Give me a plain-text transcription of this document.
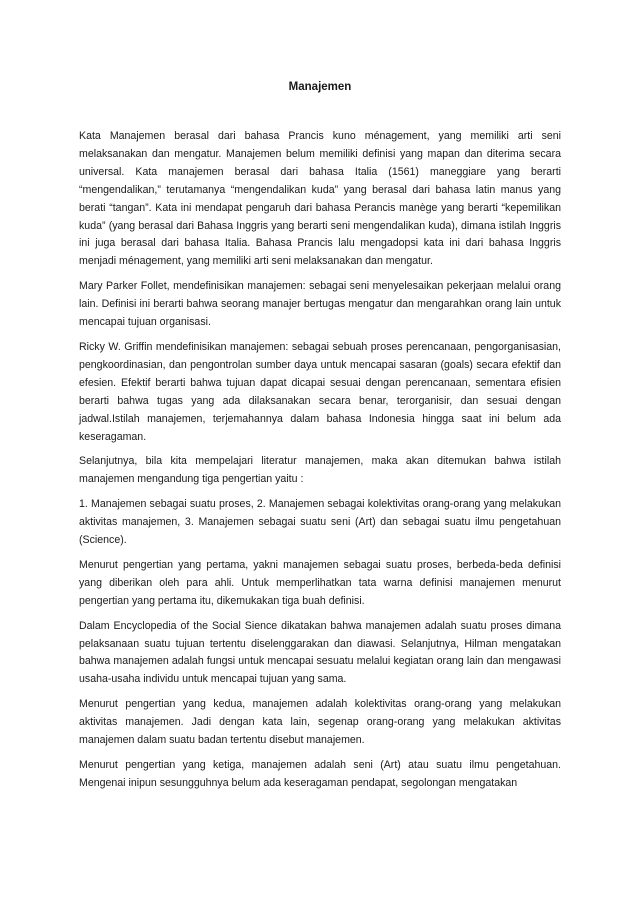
Manajemen

Kata Manajemen berasal dari bahasa Prancis kuno ménagement, yang memiliki arti seni melaksanakan dan mengatur. Manajemen belum memiliki definisi yang mapan dan diterima secara universal. Kata manajemen berasal dari bahasa Italia (1561) maneggiare yang berarti “mengendalikan,” terutamanya “mengendalikan kuda” yang berasal dari bahasa latin manus yang berati “tangan”. Kata ini mendapat pengaruh dari bahasa Perancis manège yang berarti “kepemilikan kuda” (yang berasal dari Bahasa Inggris yang berarti seni mengendalikan kuda), dimana istilah Inggris ini juga berasal dari bahasa Italia. Bahasa Prancis lalu mengadopsi kata ini dari bahasa Inggris menjadi ménagement, yang memiliki arti seni melaksanakan dan mengatur.

Mary Parker Follet, mendefinisikan manajemen: sebagai seni menyelesaikan pekerjaan melalui orang lain. Definisi ini berarti bahwa seorang manajer bertugas mengatur dan mengarahkan orang lain untuk mencapai tujuan organisasi.

Ricky W. Griffin mendefinisikan manajemen: sebagai sebuah proses perencanaan, pengorganisasian, pengkoordinasian, dan pengontrolan sumber daya untuk mencapai sasaran (goals) secara efektif dan efesien. Efektif berarti bahwa tujuan dapat dicapai sesuai dengan perencanaan, sementara efisien berarti bahwa tugas yang ada dilaksanakan secara benar, terorganisir, dan sesuai dengan jadwal.Istilah manajemen, terjemahannya dalam bahasa Indonesia hingga saat ini belum ada keseragaman.

Selanjutnya, bila kita mempelajari literatur manajemen, maka akan ditemukan bahwa istilah manajemen mengandung tiga pengertian yaitu :

1. Manajemen sebagai suatu proses, 2. Manajemen sebagai kolektivitas orang-orang yang melakukan aktivitas manajemen, 3. Manajemen sebagai suatu seni (Art) dan sebagai suatu ilmu pengetahuan (Science).

Menurut pengertian yang pertama, yakni manajemen sebagai suatu proses, berbeda-beda definisi yang diberikan oleh para ahli. Untuk memperlihatkan tata warna definisi manajemen menurut pengertian yang pertama itu, dikemukakan tiga buah definisi.

Dalam Encyclopedia of the Social Sience dikatakan bahwa manajemen adalah suatu proses dimana pelaksanaan suatu tujuan tertentu diselenggarakan dan diawasi. Selanjutnya, Hilman mengatakan bahwa manajemen adalah fungsi untuk mencapai sesuatu melalui kegiatan orang lain dan mengawasi usaha-usaha individu untuk mencapai tujuan yang sama.

Menurut pengertian yang kedua, manajemen adalah kolektivitas orang-orang yang melakukan aktivitas manajemen. Jadi dengan kata lain, segenap orang-orang yang melakukan aktivitas manajemen dalam suatu badan tertentu disebut manajemen.

Menurut pengertian yang ketiga, manajemen adalah seni (Art) atau suatu ilmu pengetahuan. Mengenai inipun sesungguhnya belum ada keseragaman pendapat, segolongan mengatakan
